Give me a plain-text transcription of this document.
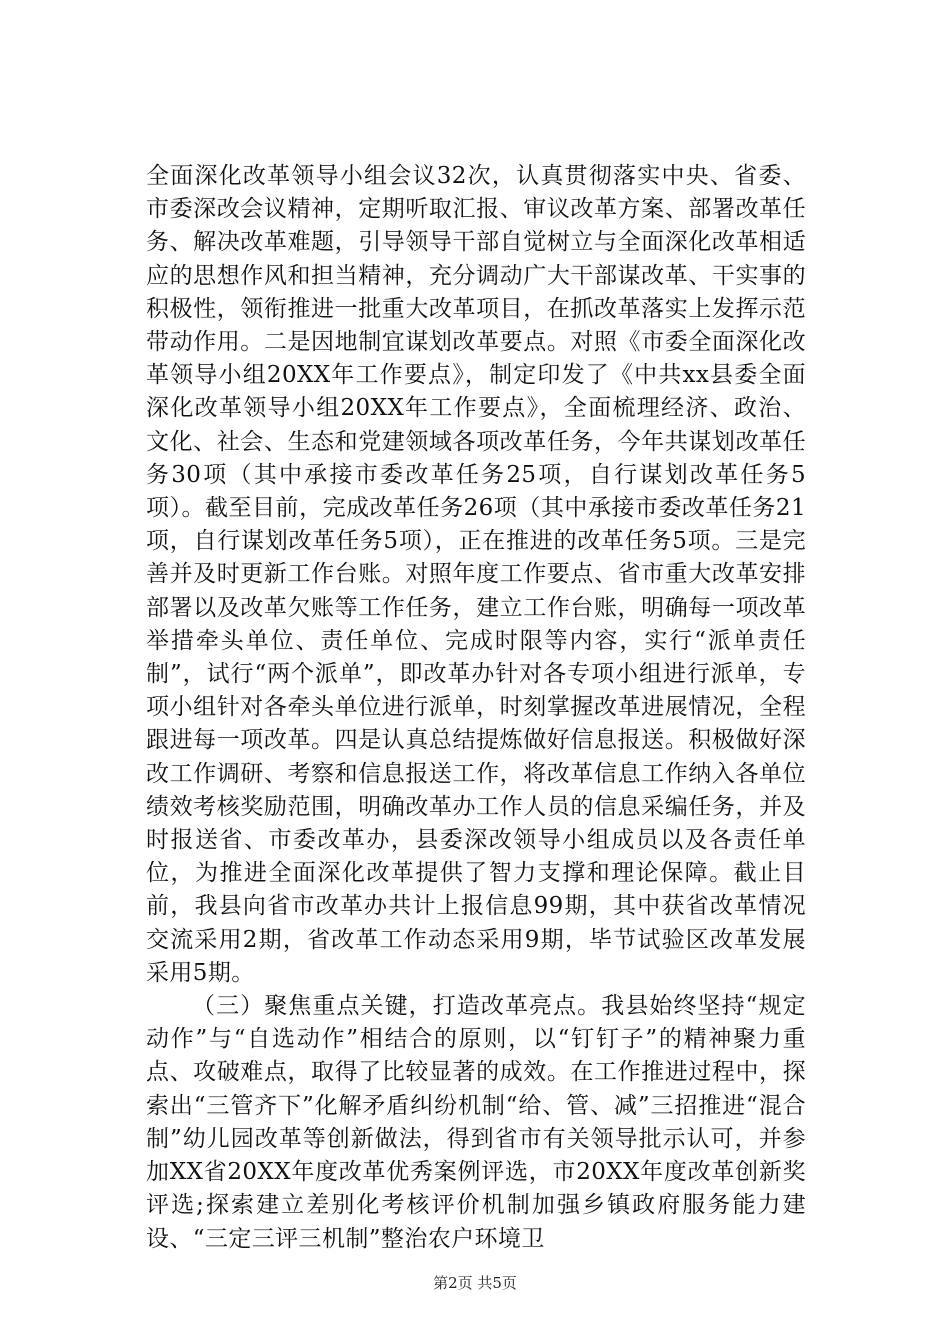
全面深化改革领导小组会议32次，认真贯彻落实中央、省委、市委深改会议精神，定期听取汇报、审议改革方案、部署改革任务、解决改革难题，引导领导干部自觉树立与全面深化改革相适应的思想作风和担当精神，充分调动广大干部谋改革、干实事的积极性，领衔推进一批重大改革项目，在抓改革落实上发挥示范带动作用。二是因地制宜谋划改革要点。对照《市委全面深化改革领导小组20XX年工作要点》，制定印发了《中共xx县委全面深化改革领导小组20XX年工作要点》，全面梳理经济、政治、文化、社会、生态和党建领域各项改革任务，今年共谋划改革任务30项（其中承接市委改革任务25项，自行谋划改革任务5项）。截至目前，完成改革任务26项（其中承接市委改革任务21项，自行谋划改革任务5项），正在推进的改革任务5项。三是完善并及时更新工作台账。对照年度工作要点、省市重大改革安排部署以及改革欠账等工作任务，建立工作台账，明确每一项改革举措牵头单位、责任单位、完成时限等内容，实行“派单责任制”，试行“两个派单”，即改革办针对各专项小组进行派单，专项小组针对各牵头单位进行派单，时刻掌握改革进展情况，全程跟进每一项改革。四是认真总结提炼做好信息报送。积极做好深改工作调研、考察和信息报送工作，将改革信息工作纳入各单位绩效考核奖励范围，明确改革办工作人员的信息采编任务，并及时报送省、市委改革办，县委深改领导小组成员以及各责任单位，为推进全面深化改革提供了智力支撑和理论保障。截止目前，我县向省市改革办共计上报信息99期，其中获省改革情况交流采用2期，省改革工作动态采用9期，毕节试验区改革发展采用5期。

（三）聚焦重点关键，打造改革亮点。我县始终坚持“规定动作”与“自选动作”相结合的原则，以“钉钉子”的精神聚力重点、攻破难点，取得了比较显著的成效。在工作推进过程中，探索出“三管齐下”化解矛盾纠纷机制“给、管、减”三招推进“混合制”幼儿园改革等创新做法，得到省市有关领导批示认可，并参加XX省20XX年度改革优秀案例评选，市20XX年度改革创新奖评选;探索建立差别化考核评价机制加强乡镇政府服务能力建设、“三定三评三机制”整治农户环境卫

第2页 共5页
